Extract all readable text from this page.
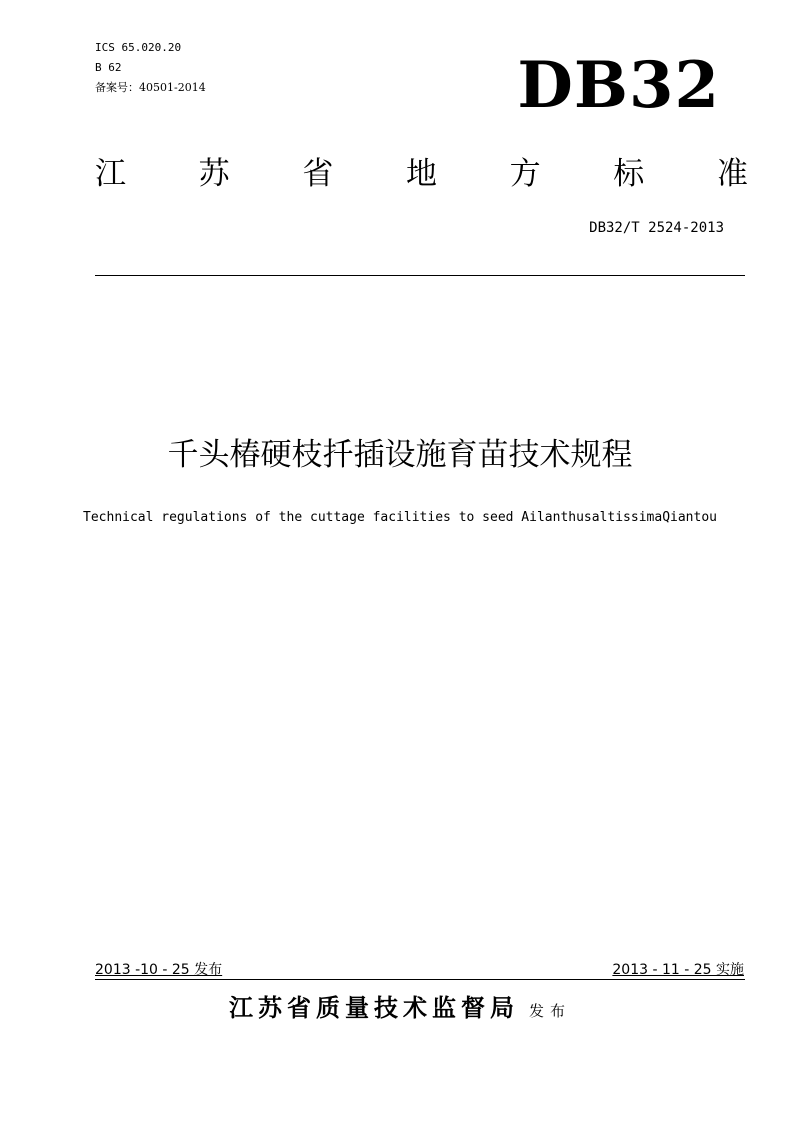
ICS 65.020.20
B 62
备案号：40501-2014	DB32
江 苏 省 地 方 标 准
DB32/T 2524-2013
千头椿硬枝扦插设施育苗技术规程
Technical regulations of the cuttage facilities to seed AilanthusaltissimaQiantou
2013 -10 - 25 发布	2013 - 11 - 25 实施
江苏省质量技术监督局 发布
